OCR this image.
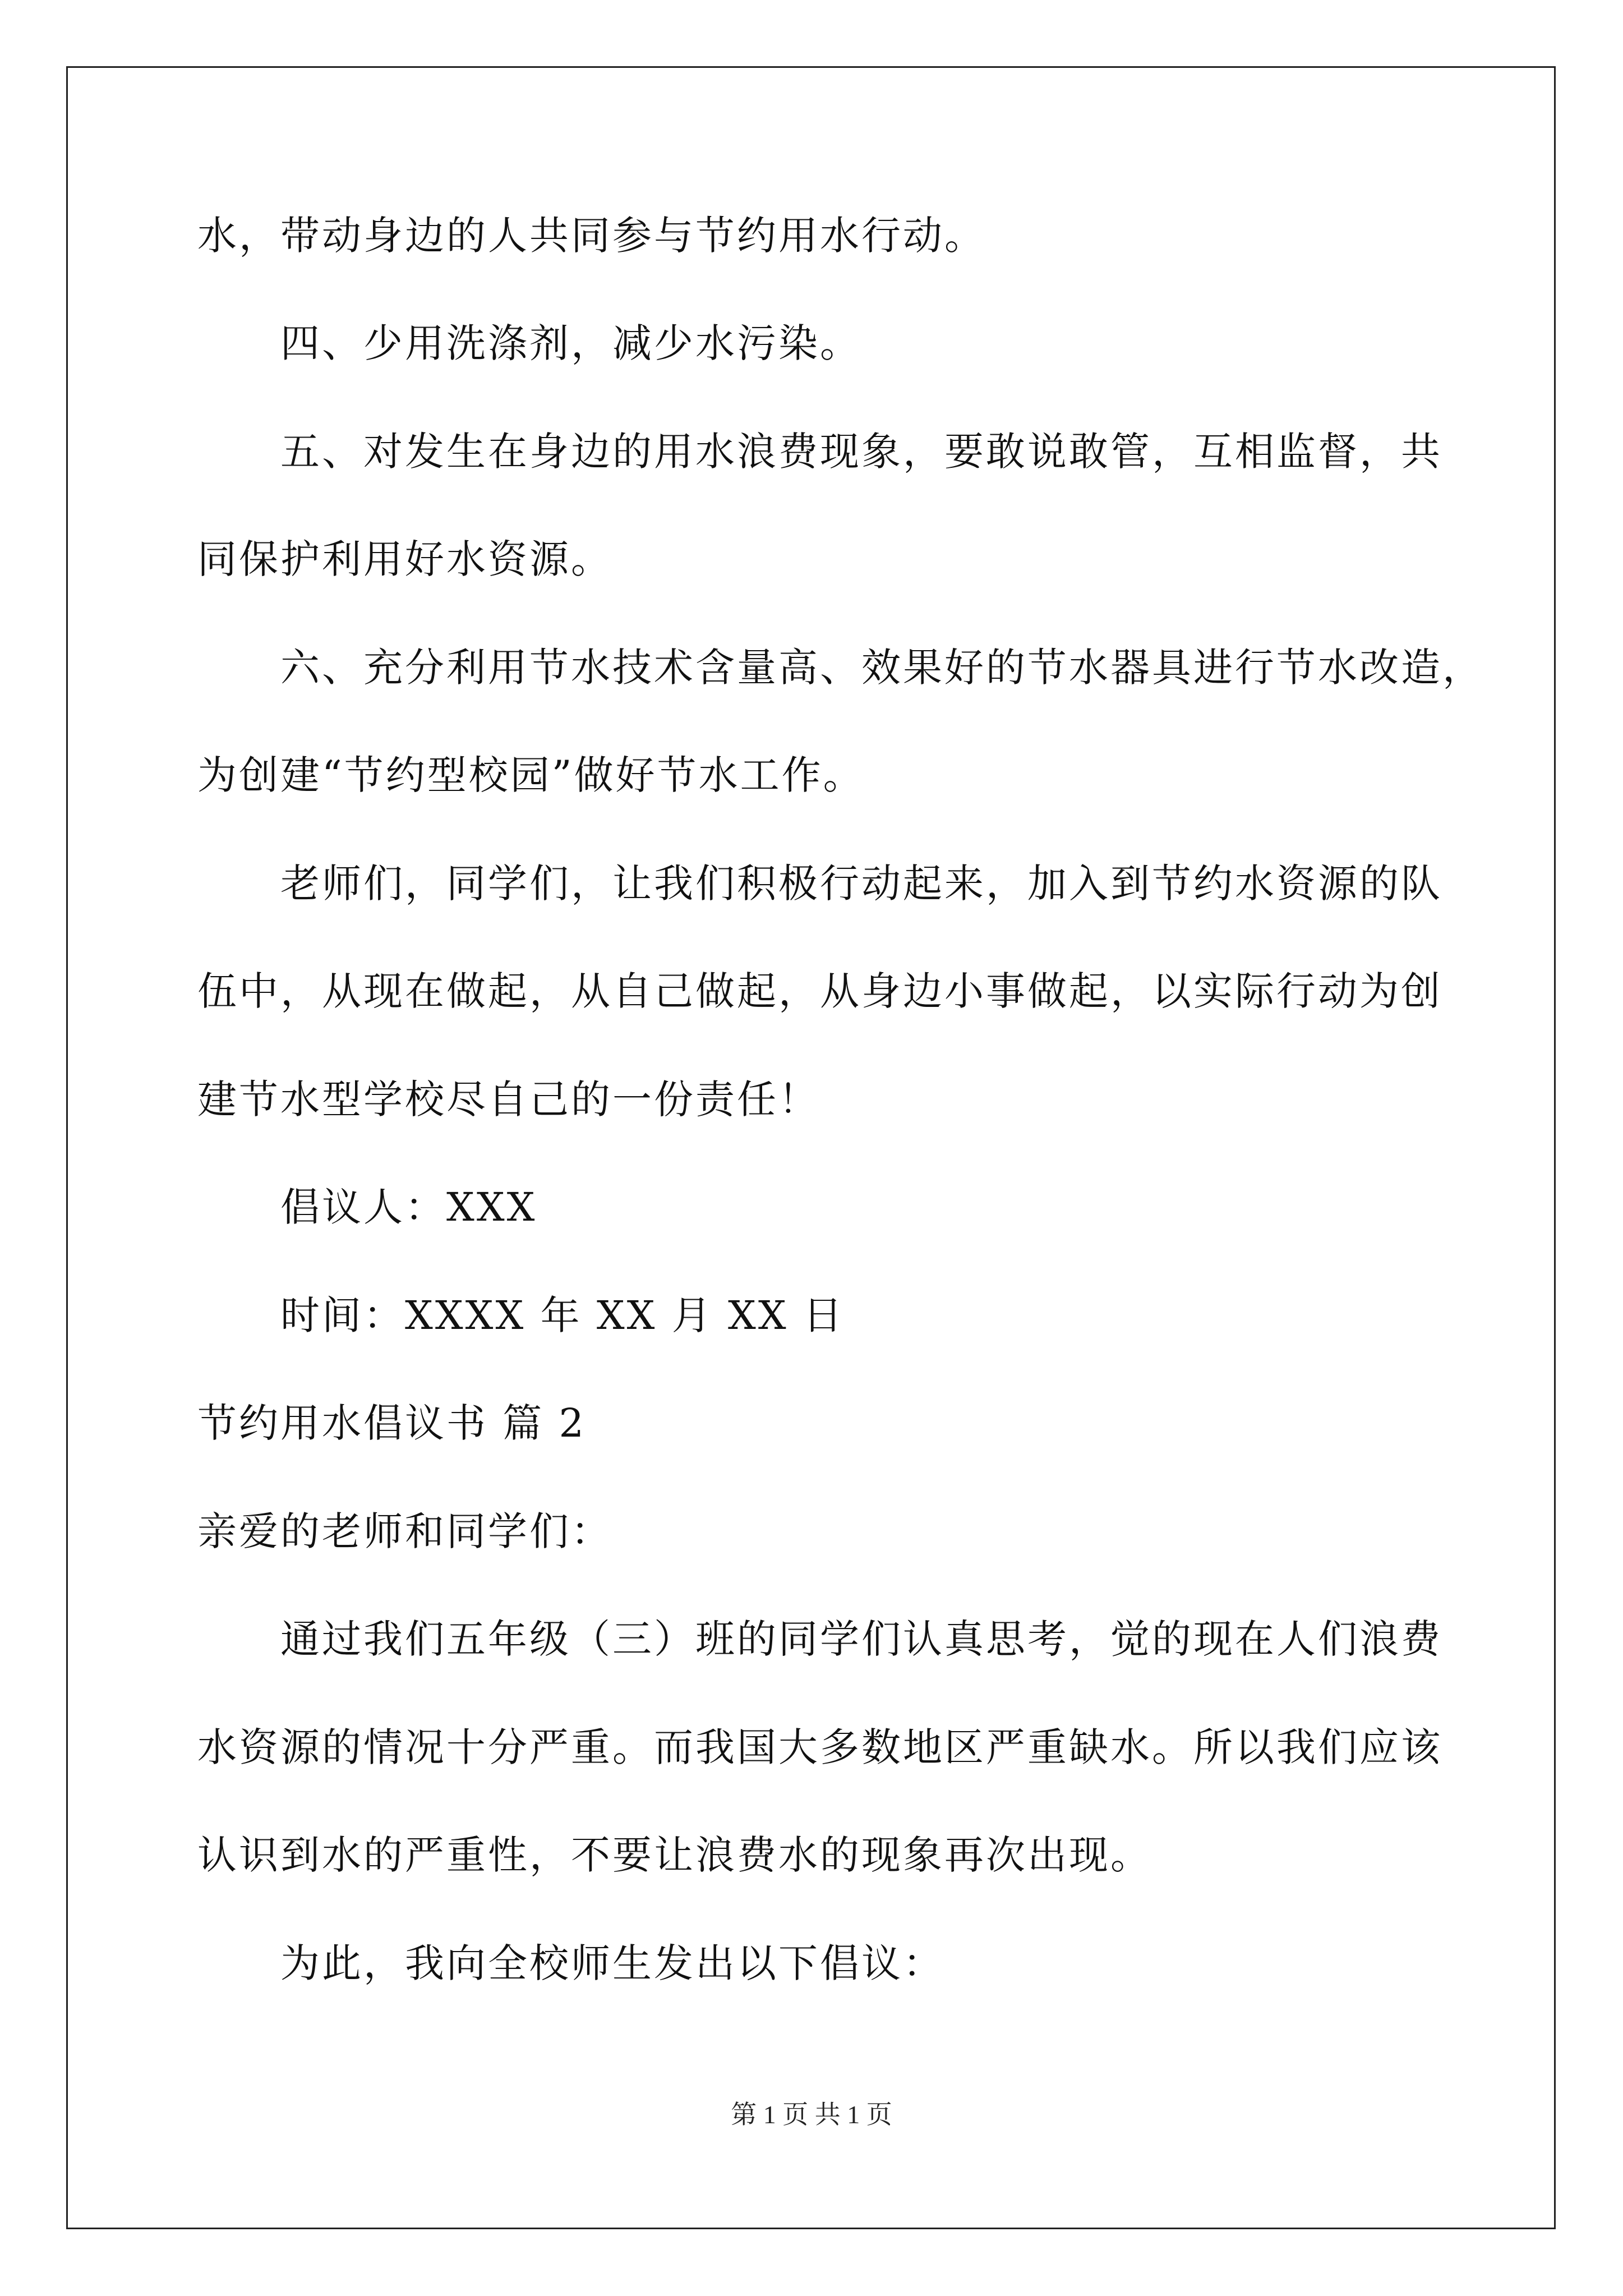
水，带动身边的人共同参与节约用水行动。
四、少用洗涤剂，减少水污染。
五、对发生在身边的用水浪费现象，要敢说敢管，互相监督，共
同保护利用好水资源。
六、充分利用节水技术含量高、效果好的节水器具进行节水改造，
为创建“节约型校园”做好节水工作。
老师们，同学们，让我们积极行动起来，加入到节约水资源的队
伍中，从现在做起，从自己做起，从身边小事做起，以实际行动为创
建节水型学校尽自己的一份责任！
倡议人：XXX
时间：XXXX 年 XX 月 XX 日
节约用水倡议书 篇 2
亲爱的老师和同学们：
通过我们五年级（三）班的同学们认真思考，觉的现在人们浪费
水资源的情况十分严重。而我国大多数地区严重缺水。所以我们应该
认识到水的严重性，不要让浪费水的现象再次出现。
为此，我向全校师生发出以下倡议：
第 1 页 共 1 页
